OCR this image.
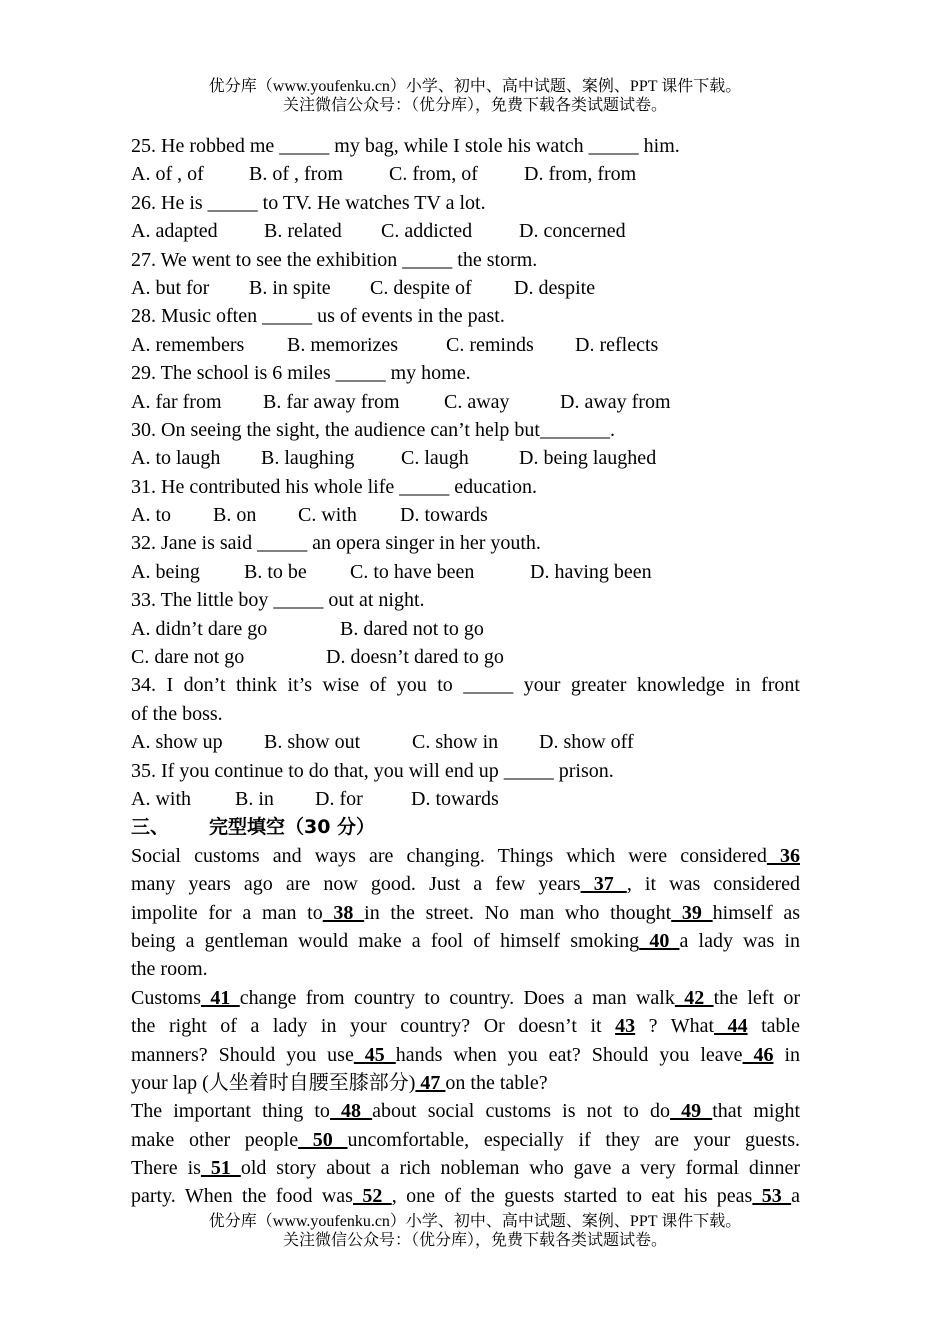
优分库（www.youfenku.cn）小学、初中、高中试题、案例、PPT 课件下载。
关注微信公众号：（优分库），免费下载各类试题试卷。
25. He robbed me _____ my bag, while I stole his watch _____ him.
A. of , of B. of , from C. from, of D. from, from
26. He is _____ to TV. He watches TV a lot.
A. adapted B. related C. addicted D. concerned
27. We went to see the exhibition _____ the storm.
A. but for B. in spite C. despite of D. despite
28. Music often _____ us of events in the past.
A. remembers B. memorizes C. reminds D. reflects
29. The school is 6 miles _____ my home.
A. far from B. far away from C. away	D. away from
30. On seeing the sight, the audience can’t help but_______.
A. to laugh B. laughing C. laugh	D. being laughed
31. He contributed his whole life _____ education.
A. to B. on C. with D. towards
32. Jane is said _____ an opera singer in her youth.
A. being B. to be C. to have been	D. having been
33. The little boy _____ out at night.
A. didn’t dare go	B. dared not to go
C. dare not go	D. doesn’t dared to go
34. I don’t think it’s wise of you to _____ your greater knowledge in front
of the boss.
A. show up B. show out	C. show in D. show off
35. If you continue to do that, you will end up _____ prison.
A. with B. in D. for D. towards
三、 完型填空（30 分）
Social customs and ways are changing. Things which were considered 36
many years ago are now good. Just a few years 37 , it was considered
impolite for a man to 38 in the street. No man who thought 39 himself as
being a gentleman would make a fool of himself smoking 40 a lady was in
the room.
Customs 41 change from country to country. Does a man walk 42 the left or
the right of a lady in your country? Or doesn’t it 43 ? What 44 table
manners? Should you use 45 hands when you eat? Should you leave 46 in
your lap (人坐着时自腰至膝部分) 47 on the table?
The important thing to 48 about social customs is not to do 49 that might
make other people 50 uncomfortable, especially if they are your guests.
There is 51 old story about a rich nobleman who gave a very formal dinner
party. When the food was 52 , one of the guests started to eat his peas 53 a
优分库（www.youfenku.cn）小学、初中、高中试题、案例、PPT 课件下载。
关注微信公众号：（优分库），免费下载各类试题试卷。
